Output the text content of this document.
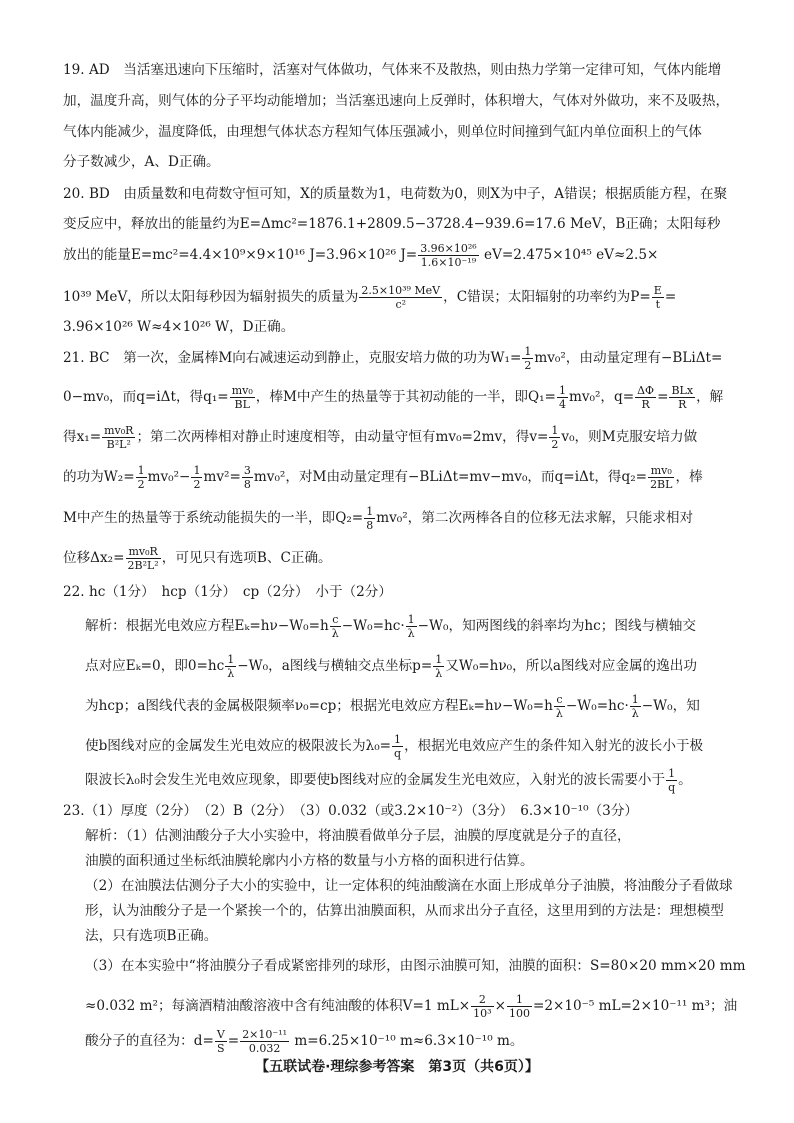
19. AD　当活塞迅速向下压缩时，活塞对气体做功，气体来不及散热，则由热力学第一定律可知，气体内能增
加，温度升高，则气体的分子平均动能增加；当活塞迅速向上反弹时，体积增大，气体对外做功，来不及吸热，
气体内能减少，温度降低，由理想气体状态方程知气体压强减小，则单位时间撞到气缸内单位面积上的气体
分子数减少，A、D正确。
20. BD　由质量数和电荷数守恒可知，X的质量数为1，电荷数为0，则X为中子，A错误；根据质能方程，在聚
变反应中，释放出的能量约为E=Δmc²=1876.1+2809.5−3728.4−939.6=17.6 MeV，B正确；太阳每秒
放出的能量E=mc²=4.4×10⁹×9×10¹⁶ J=3.96×10²⁶ $J= \frac{\text{3.96×10²⁶}}{\text{1.6×10⁻¹⁹}} eV=2.475\times 10^{45}$ eV≈2.5×
10³⁹ MeV，所以太阳每秒因为辐射损失的质量为 2.5×10³⁹ MeV
c²	，C错误；太阳辐射的功率约为$P= \frac{E}{t}$ =
3.96×10²⁶ W≈4×10²⁶ W，D正确。
21. BC　第一次，金属棒M向右减速运动到静止，克服安培力做的功为$W_1= \frac{1}{2} mv_0^2$，由动量定理有−BLiΔt=
0−mv₀，而q=iΔt，得$q_1= \frac{\text{mv₀}}{BL}$ ，棒M中产生的热量等于其初动能的一半，即$Q_1= \frac{1}{4} mv_0^2$，$q= \frac{\Delta\Phi}{R}$ = BLx
R ，解
得$x_1= \frac{\text{mv₀R}}{\text{B²L²}}$ ；第二次两棒相对静止时速度相等，由动量守恒有mv₀=2mv，得$v= \frac{1}{2} v_0$，则M克服安培力做
的功为$W_2= \frac{1}{2} mv_0^2- \frac{1}{2} mv^2= \frac{3}{8} mv_0^2$，对M由动量定理有−BLiΔt=mv−mv₀，而q=iΔt，得$q_2= \frac{\text{mv₀}}{2BL}$ ，棒
M中产生的热量等于系统动能损失的一半，即$Q_2= \frac{1}{8} mv_0^2$，第二次两棒各自的位移无法求解，只能求相对
位移$\Delta x_2= \frac{\text{mv₀R}}{\text{2B²L²}}$ ，可见只有选项B、C正确。
22. hc（1分）　hcp（1分）　cp（2分）　小于（2分）
解析：根据光电效应方程$E_k=h\nu-W_0=h \frac{c}{\lambda} -W_0=hc\cdot \frac{1}{\lambda} -W_0$，知两图线的斜率均为hc；图线与横轴交
点对应Eₖ=0，即$0=hc \frac{1}{\lambda} -W_0$，a图线与横轴交点坐标$p= \frac{1}{\lambda}$ 又W₀=hν₀，所以a图线对应金属的逸出功
为hcp；a图线代表的金属极限频率ν₀=cp；根据光电效应方程$E_k=h\nu-W_0=h \frac{c}{\lambda} -W_0=hc\cdot \frac{1}{\lambda} -W_0$，知
使b图线对应的金属发生光电效应的极限波长为$\lambda_0= \frac{1}{q}$ ，根据光电效应产生的条件知入射光的波长小于极
限波长λ₀时会发生光电效应现象，即要使b图线对应的金属发生光电效应，入射光的波长需要小于 $\frac{1}{q}$ 。
23.（1）厚度（2分）　（2）B（2分）　（3）0.032（或3.2×10⁻²）（3分）　6.3×10⁻¹⁰（3分）
解析：（1）估测油酸分子大小实验中，将油膜看做单分子层，油膜的厚度就是分子的直径，
油膜的面积通过坐标纸油膜轮廓内小方格的数量与小方格的面积进行估算。
（2）在油膜法估测分子大小的实验中，让一定体积的纯油酸滴在水面上形成单分子油膜，将油酸分子看做球
形，认为油酸分子是一个紧挨一个的，估算出油膜面积，从而求出分子直径，这里用到的方法是：理想模型
法，只有选项B正确。
（3）在本实验中“将油膜分子看成紧密排列的球形，由图示油膜可知，油膜的面积：S=80×20 mm×20 mm
≈0.032 m²；每滴酒精油酸溶液中含有纯油酸的体积V=1 $mL\times \frac{2}{\text{10³}} \times \frac{1}{100} =2\times 10^{-5}$ mL=2×10⁻¹¹ m³；油
酸分子的直径为：$d= \frac{V}{S} = \frac{\text{2×10⁻¹¹}}{0.032} m=6.25\times 10^{-10}$ m≈6.3×10⁻¹⁰ m。
【五联试卷·理综参考答案　第3页（共6页）】
